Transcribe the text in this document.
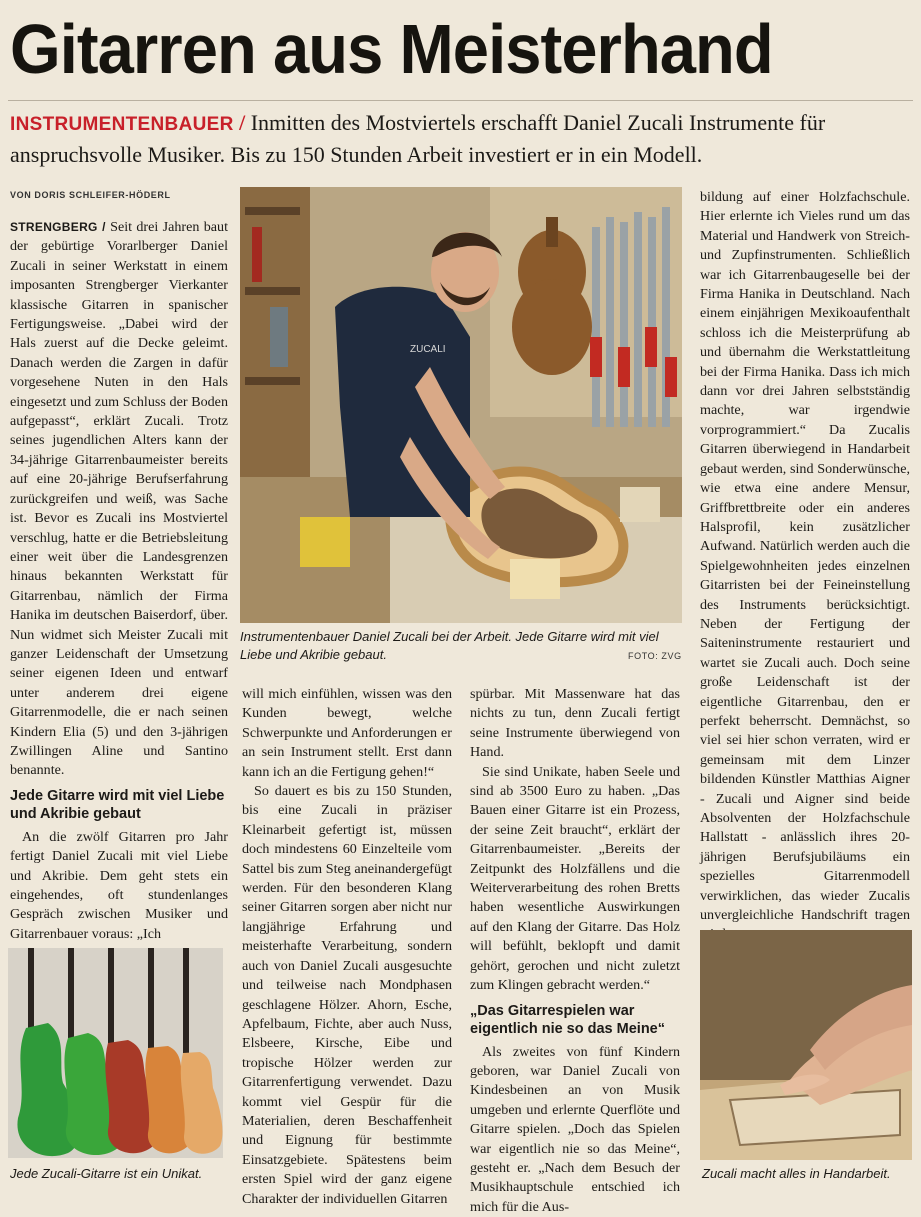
Gitarren aus Meisterhand
INSTRUMENTENBAUER / Inmitten des Mostviertels erschafft Daniel Zucali Instrumente für anspruchsvolle Musiker. Bis zu 150 Stunden Arbeit investiert er in ein Modell.
VON DORIS SCHLEIFER-HÖDERL

STRENGBERG / Seit drei Jahren baut der gebürtige Vorarlberger Daniel Zucali in seiner Werkstatt in einem imposanten Strengberger Vierkanter klassische Gitarren in spanischer Fertigungsweise. „Dabei wird der Hals zuerst auf die Decke geleimt. Danach werden die Zargen in dafür vorgesehene Nuten in den Hals eingesetzt und zum Schluss der Boden aufgepasst“, erklärt Zucali. Trotz seines jugendlichen Alters kann der 34-jährige Gitarrenbaumeister bereits auf eine 20-jährige Berufserfahrung zurückgreifen und weiß, was Sache ist. Bevor es Zucali ins Mostviertel verschlug, hatte er die Betriebsleitung einer weit über die Landesgrenzen hinaus bekannten Werkstatt für Gitarrenbau, nämlich der Firma Hanika im deutschen Baiserdorf, über. Nun widmet sich Meister Zucali mit ganzer Leidenschaft der Umsetzung seiner eigenen Ideen und entwarf unter anderem drei eigene Gitarrenmodelle, die er nach seinen Kindern Elia (5) und den 3-jährigen Zwillingen Aline und Santino benannte.

Jede Gitarre wird mit viel Liebe und Akribie gebaut

An die zwölf Gitarren pro Jahr fertigt Daniel Zucali mit viel Liebe und Akribie. Dem geht stets ein eingehendes, oft stundenlanges Gespräch zwischen Musiker und Gitarrenbauer voraus: „Ich

ZUCALI
Instrumentenbauer Daniel Zucali bei der Arbeit. Jede Gitarre wird mit viel Liebe und Akribie gebaut.	FOTO: ZVG

will mich einfühlen, wissen was den Kunden bewegt, welche Schwerpunkte und Anforderungen er an sein Instrument stellt. Erst dann kann ich an die Fertigung gehen!“

So dauert es bis zu 150 Stunden, bis eine Zucali in präziser Kleinarbeit gefertigt ist, müssen doch mindestens 60 Einzelteile vom Sattel bis zum Steg aneinandergefügt werden. Für den besonderen Klang seiner Gitarren sorgen aber nicht nur langjährige Erfahrung und meisterhafte Verarbeitung, sondern auch von Daniel Zucali ausgesuchte und teilweise nach Mondphasen geschlagene Hölzer. Ahorn, Esche, Apfelbaum, Fichte, aber auch Nuss, Elsbeere, Kirsche, Eibe und tropische Hölzer werden zur Gitarrenfertigung verwendet. Dazu kommt viel Gespür für die Materialien, deren Beschaffenheit und Eignung für bestimmte Einsatzgebiete. Spätestens beim ersten Spiel wird der ganz eigene Charakter der individuellen Gitarren

spürbar. Mit Massenware hat das nichts zu tun, denn Zucali fertigt seine Instrumente überwiegend von Hand.

Sie sind Unikate, haben Seele und sind ab 3500 Euro zu haben. „Das Bauen einer Gitarre ist ein Prozess, der seine Zeit braucht“, erklärt der Gitarrenbaumeister. „Bereits der Zeitpunkt des Holzfällens und die Weiterverarbeitung des rohen Bretts haben wesentliche Auswirkungen auf den Klang der Gitarre. Das Holz will befühlt, beklopft und damit gehört, gerochen und nicht zuletzt zum Klingen gebracht werden.“

„Das Gitarrespielen war eigentlich nie so das Meine“

Als zweites von fünf Kindern geboren, war Daniel Zucali von Kindesbeinen an von Musik umgeben und erlernte Querflöte und Gitarre spielen. „Doch das Spielen war eigentlich nie so das Meine“, gesteht er. „Nach dem Besuch der Musikhauptschule entschied ich mich für die Aus-

Jede Zucali-Gitarre ist ein Unikat.

bildung auf einer Holzfachschule. Hier erlernte ich Vieles rund um das Material und Handwerk von Streich- und Zupfinstrumenten. Schließlich war ich Gitarrenbaugeselle bei der Firma Hanika in Deutschland. Nach einem einjährigen Mexikoaufenthalt schloss ich die Meisterprüfung ab und übernahm die Werkstattleitung bei der Firma Hanika. Dass ich mich dann vor drei Jahren selbstständig machte, war irgendwie vorprogrammiert.“ Da Zucalis Gitarren überwiegend in Handarbeit gebaut werden, sind Sonderwünsche, wie etwa eine andere Mensur, Griffbrettbreite oder ein anderes Halsprofil, kein zusätzlicher Aufwand. Natürlich werden auch die Spielgewohnheiten jedes einzelnen Gitarristen bei der Feineinstellung des Instruments berücksichtigt. Neben der Fertigung der Saiteninstrumente restauriert und wartet sie Zucali auch. Doch seine große Leidenschaft ist der eigentliche Gitarrenbau, den er perfekt beherrscht. Demnächst, so viel sei hier schon verraten, wird er gemeinsam mit dem Linzer bildenden Künstler Matthias Aigner - Zucali und Aigner sind beide Absolventen der Holzfachschule Hallstatt - anlässlich ihres 20-jährigen Berufsjubiläums ein spezielles Gitarrenmodell verwirklichen, das wieder Zucalis unvergleichliche Handschrift tragen

Zucali macht alles in Handarbeit.
